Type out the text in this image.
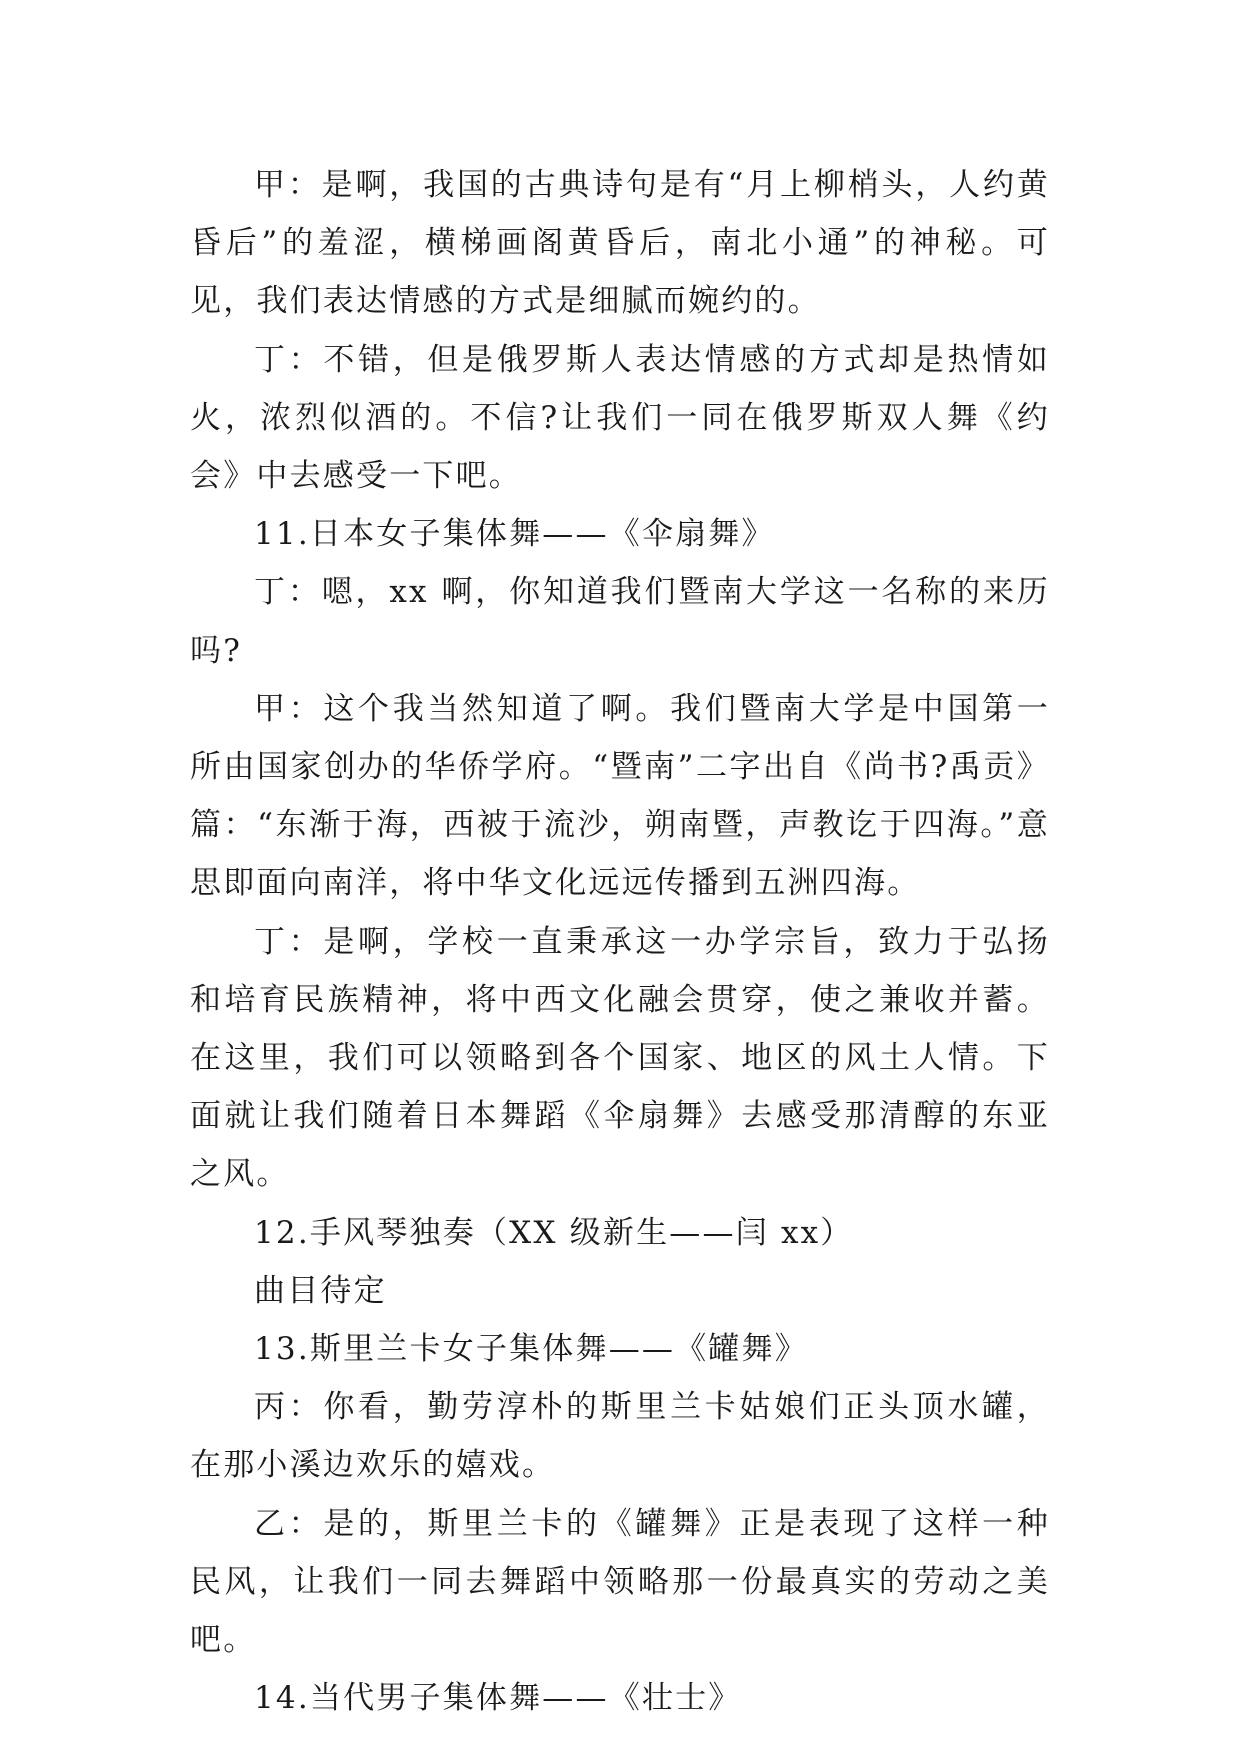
甲：是啊，我国的古典诗句是有“月上柳梢头，人约黄昏后”的羞涩，横梯画阁黄昏后，南北小通”的神秘。可见，我们表达情感的方式是细腻而婉约的。

丁：不错，但是俄罗斯人表达情感的方式却是热情如火，浓烈似酒的。不信?让我们一同在俄罗斯双人舞《约会》中去感受一下吧。

11.日本女子集体舞——《伞扇舞》

丁：嗯，xx 啊，你知道我们暨南大学这一名称的来历吗?

甲：这个我当然知道了啊。我们暨南大学是中国第一所由国家创办的华侨学府。“暨南”二字出自《尚书?禹贡》篇：“东渐于海，西被于流沙，朔南暨，声教讫于四海。”意思即面向南洋，将中华文化远远传播到五洲四海。

丁：是啊，学校一直秉承这一办学宗旨，致力于弘扬和培育民族精神，将中西文化融会贯穿，使之兼收并蓄。在这里，我们可以领略到各个国家、地区的风土人情。下面就让我们随着日本舞蹈《伞扇舞》去感受那清醇的东亚之风。

12.手风琴独奏（XX 级新生——闫 xx）

曲目待定

13.斯里兰卡女子集体舞——《罐舞》

丙：你看，勤劳淳朴的斯里兰卡姑娘们正头顶水罐，在那小溪边欢乐的嬉戏。

乙：是的，斯里兰卡的《罐舞》正是表现了这样一种民风，让我们一同去舞蹈中领略那一份最真实的劳动之美吧。

14.当代男子集体舞——《壮士》
